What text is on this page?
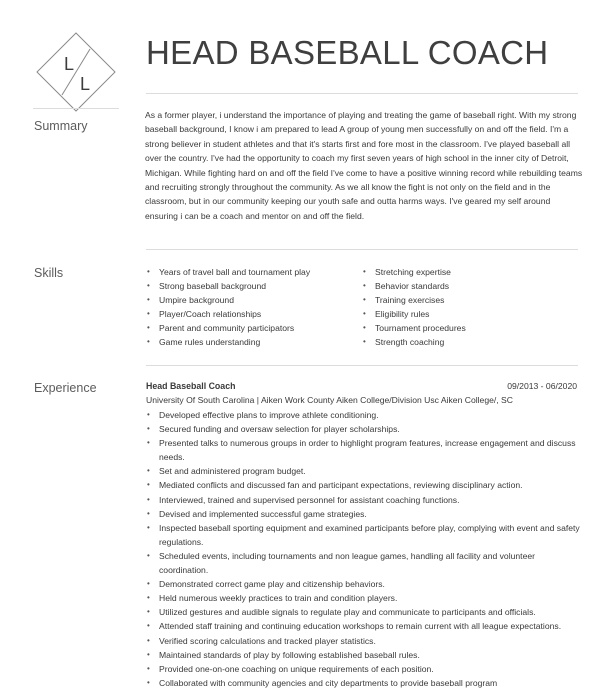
L
L
HEAD BASEBALL COACH
Summary
As a former player, i understand the importance of playing and treating the game of baseball right. With my strong baseball background, I know i am prepared to lead A group of young men successfully on and off the field. I'm a strong believer in student athletes and that it's starts first and fore most in the classroom. I've played baseball all over the country. I've had the opportunity to coach my first seven years of high school in the inner city of Detroit, Michigan. While fighting hard on and off the field I've come to have a positive winning record while rebuilding teams and recruiting strongly throughout the community. As we all know the fight is not only on the field and in the classroom, but in our community keeping our youth safe and outta harms ways. I've geared my self around ensuring i can be a coach and mentor on and off the field.
Skills
•	Years of travel ball and tournament play
• Strong baseball background
• Umpire background
• Player/Coach relationships
• Parent and community participators
• Game rules understanding
• Stretching expertise
• Behavior standards
• Training exercises
• Eligibility rules
• Tournament procedures
• Strength coaching
Experience	Head Baseball Coach	09/2013 - 06/2020
University Of South Carolina | Aiken Work County Aiken College/Division Usc Aiken College/, SC
• Developed effective plans to improve athlete conditioning.
• Secured funding and oversaw selection for player scholarships.
• Presented talks to numerous groups in order to highlight program features, increase engagement and discuss needs.
• Set and administered program budget.
• Mediated conflicts and discussed fan and participant expectations, reviewing disciplinary action.
• Interviewed, trained and supervised personnel for assistant coaching functions.
• Devised and implemented successful game strategies.
• Inspected baseball sporting equipment and examined participants before play, complying with event and safety regulations.
• Scheduled events, including tournaments and non league games, handling all facility and volunteer coordination.
• Demonstrated correct game play and citizenship behaviors.
• Held numerous weekly practices to train and condition players.
• Utilized gestures and audible signals to regulate play and communicate to participants and officials.
• Attended staff training and continuing education workshops to remain current with all league expectations.
• Verified scoring calculations and tracked player statistics.
• Maintained standards of play by following established baseball rules.
• Provided one-on-one coaching on unique requirements of each position.
• Collaborated with community agencies and city departments to provide baseball program
